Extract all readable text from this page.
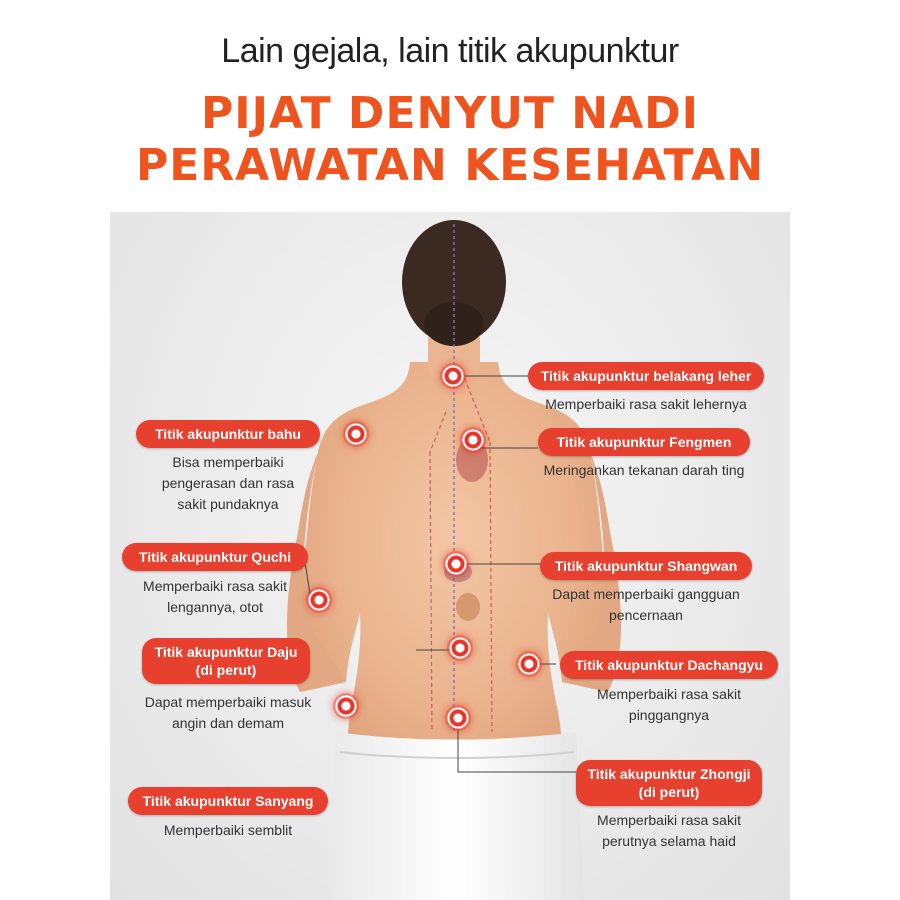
Lain gejala, lain titik akupunktur
PIJAT DENYUT NADI
PERAWATAN KESEHATAN
Titik akupunktur belakang leher
Memperbaiki rasa sakit lehernya
Titik akupunktur Fengmen
Meringankan tekanan darah ting
Titik akupunktur Shangwan
Dapat memperbaiki gangguan
pencernaan
Titik akupunktur Dachangyu
Memperbaiki rasa sakit
pinggangnya
Titik akupunktur Zhongji
(di perut)
Memperbaiki rasa sakit
perutnya selama haid
Titik akupunktur bahu
Bisa memperbaiki
pengerasan dan rasa
sakit pundaknya
Titik akupunktur Quchi
Memperbaiki rasa sakit
lengannya, otot
Titik akupunktur Daju
(di perut)
Dapat memperbaiki masuk
angin dan demam
Titik akupunktur Sanyang
Memperbaiki semblit
